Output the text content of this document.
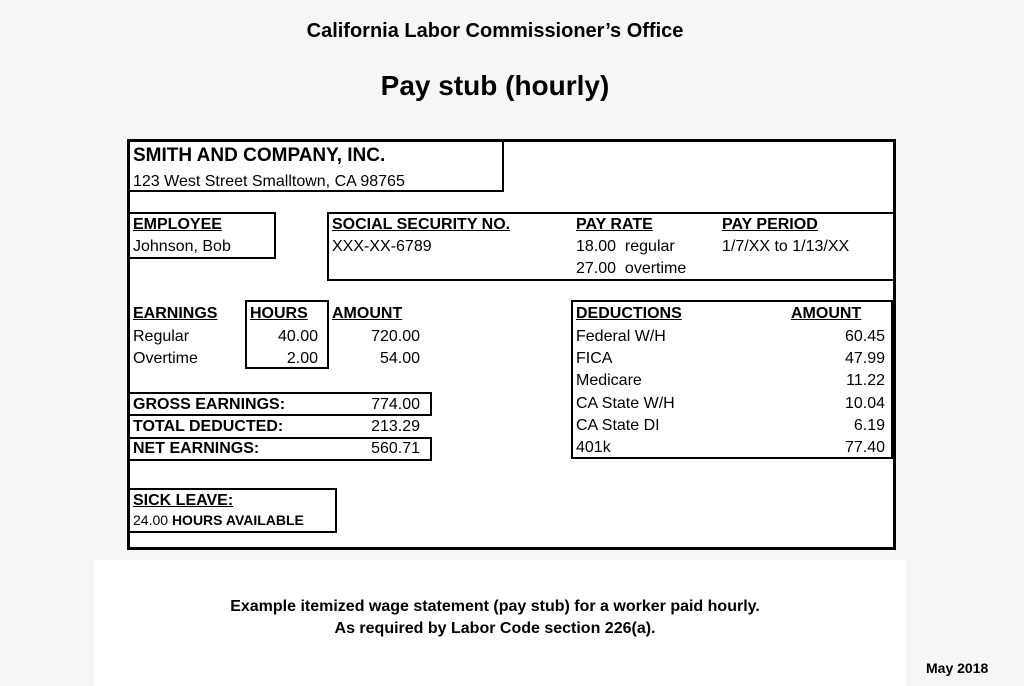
California Labor Commissioner’s Office
Pay stub (hourly)
SMITH AND COMPANY, INC.
123 West Street Smalltown, CA 98765
EMPLOYEE
Johnson, Bob
SOCIAL SECURITY NO.
XXX-XX-6789
PAY RATE
18.00  regular
27.00  overtime
PAY PERIOD
1/7/XX to 1/13/XX
EARNINGS HOURS AMOUNT
Regular	40.00	720.00
Overtime	2.00	54.00
GROSS EARNINGS:	774.00
TOTAL DEDUCTED:	213.29
NET EARNINGS:	560.71
SICK LEAVE:
24.00 HOURS AVAILABLE
DEDUCTIONS	AMOUNT
Federal W/H	60.45
FICA	47.99
Medicare	11.22
CA State W/H	10.04
CA State DI	6.19
401k	77.40
Example itemized wage statement (pay stub) for a worker paid hourly.
As required by Labor Code section 226(a).
May 2018
